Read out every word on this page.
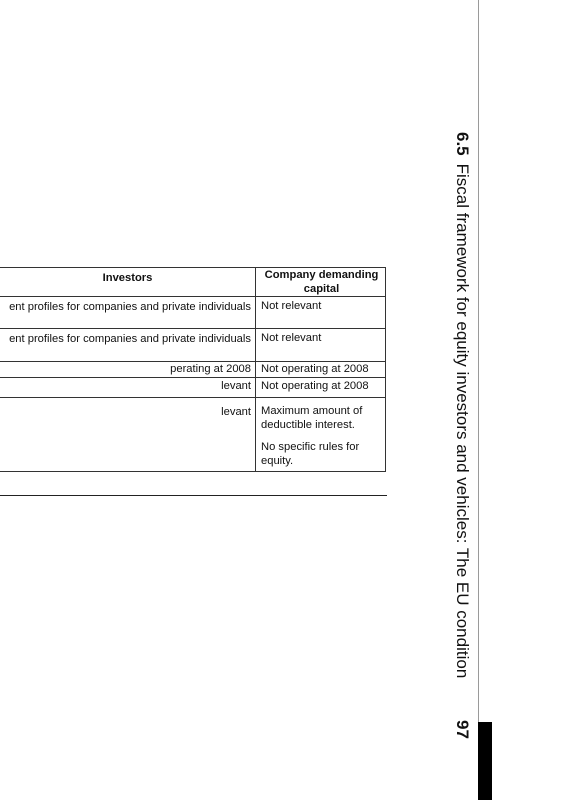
Investors	Company demanding capital
ent profiles for companies and private individuals Not relevant

ent profiles for companies and private individuals Not relevant

perating at 2008 Not operating at 2008

levant Not operating at 2008

levant Maximum amount of deductible interest.

No specific rules for equity.

6.5Fiscal framework for equity investors and vehicles: The EU condition
97
